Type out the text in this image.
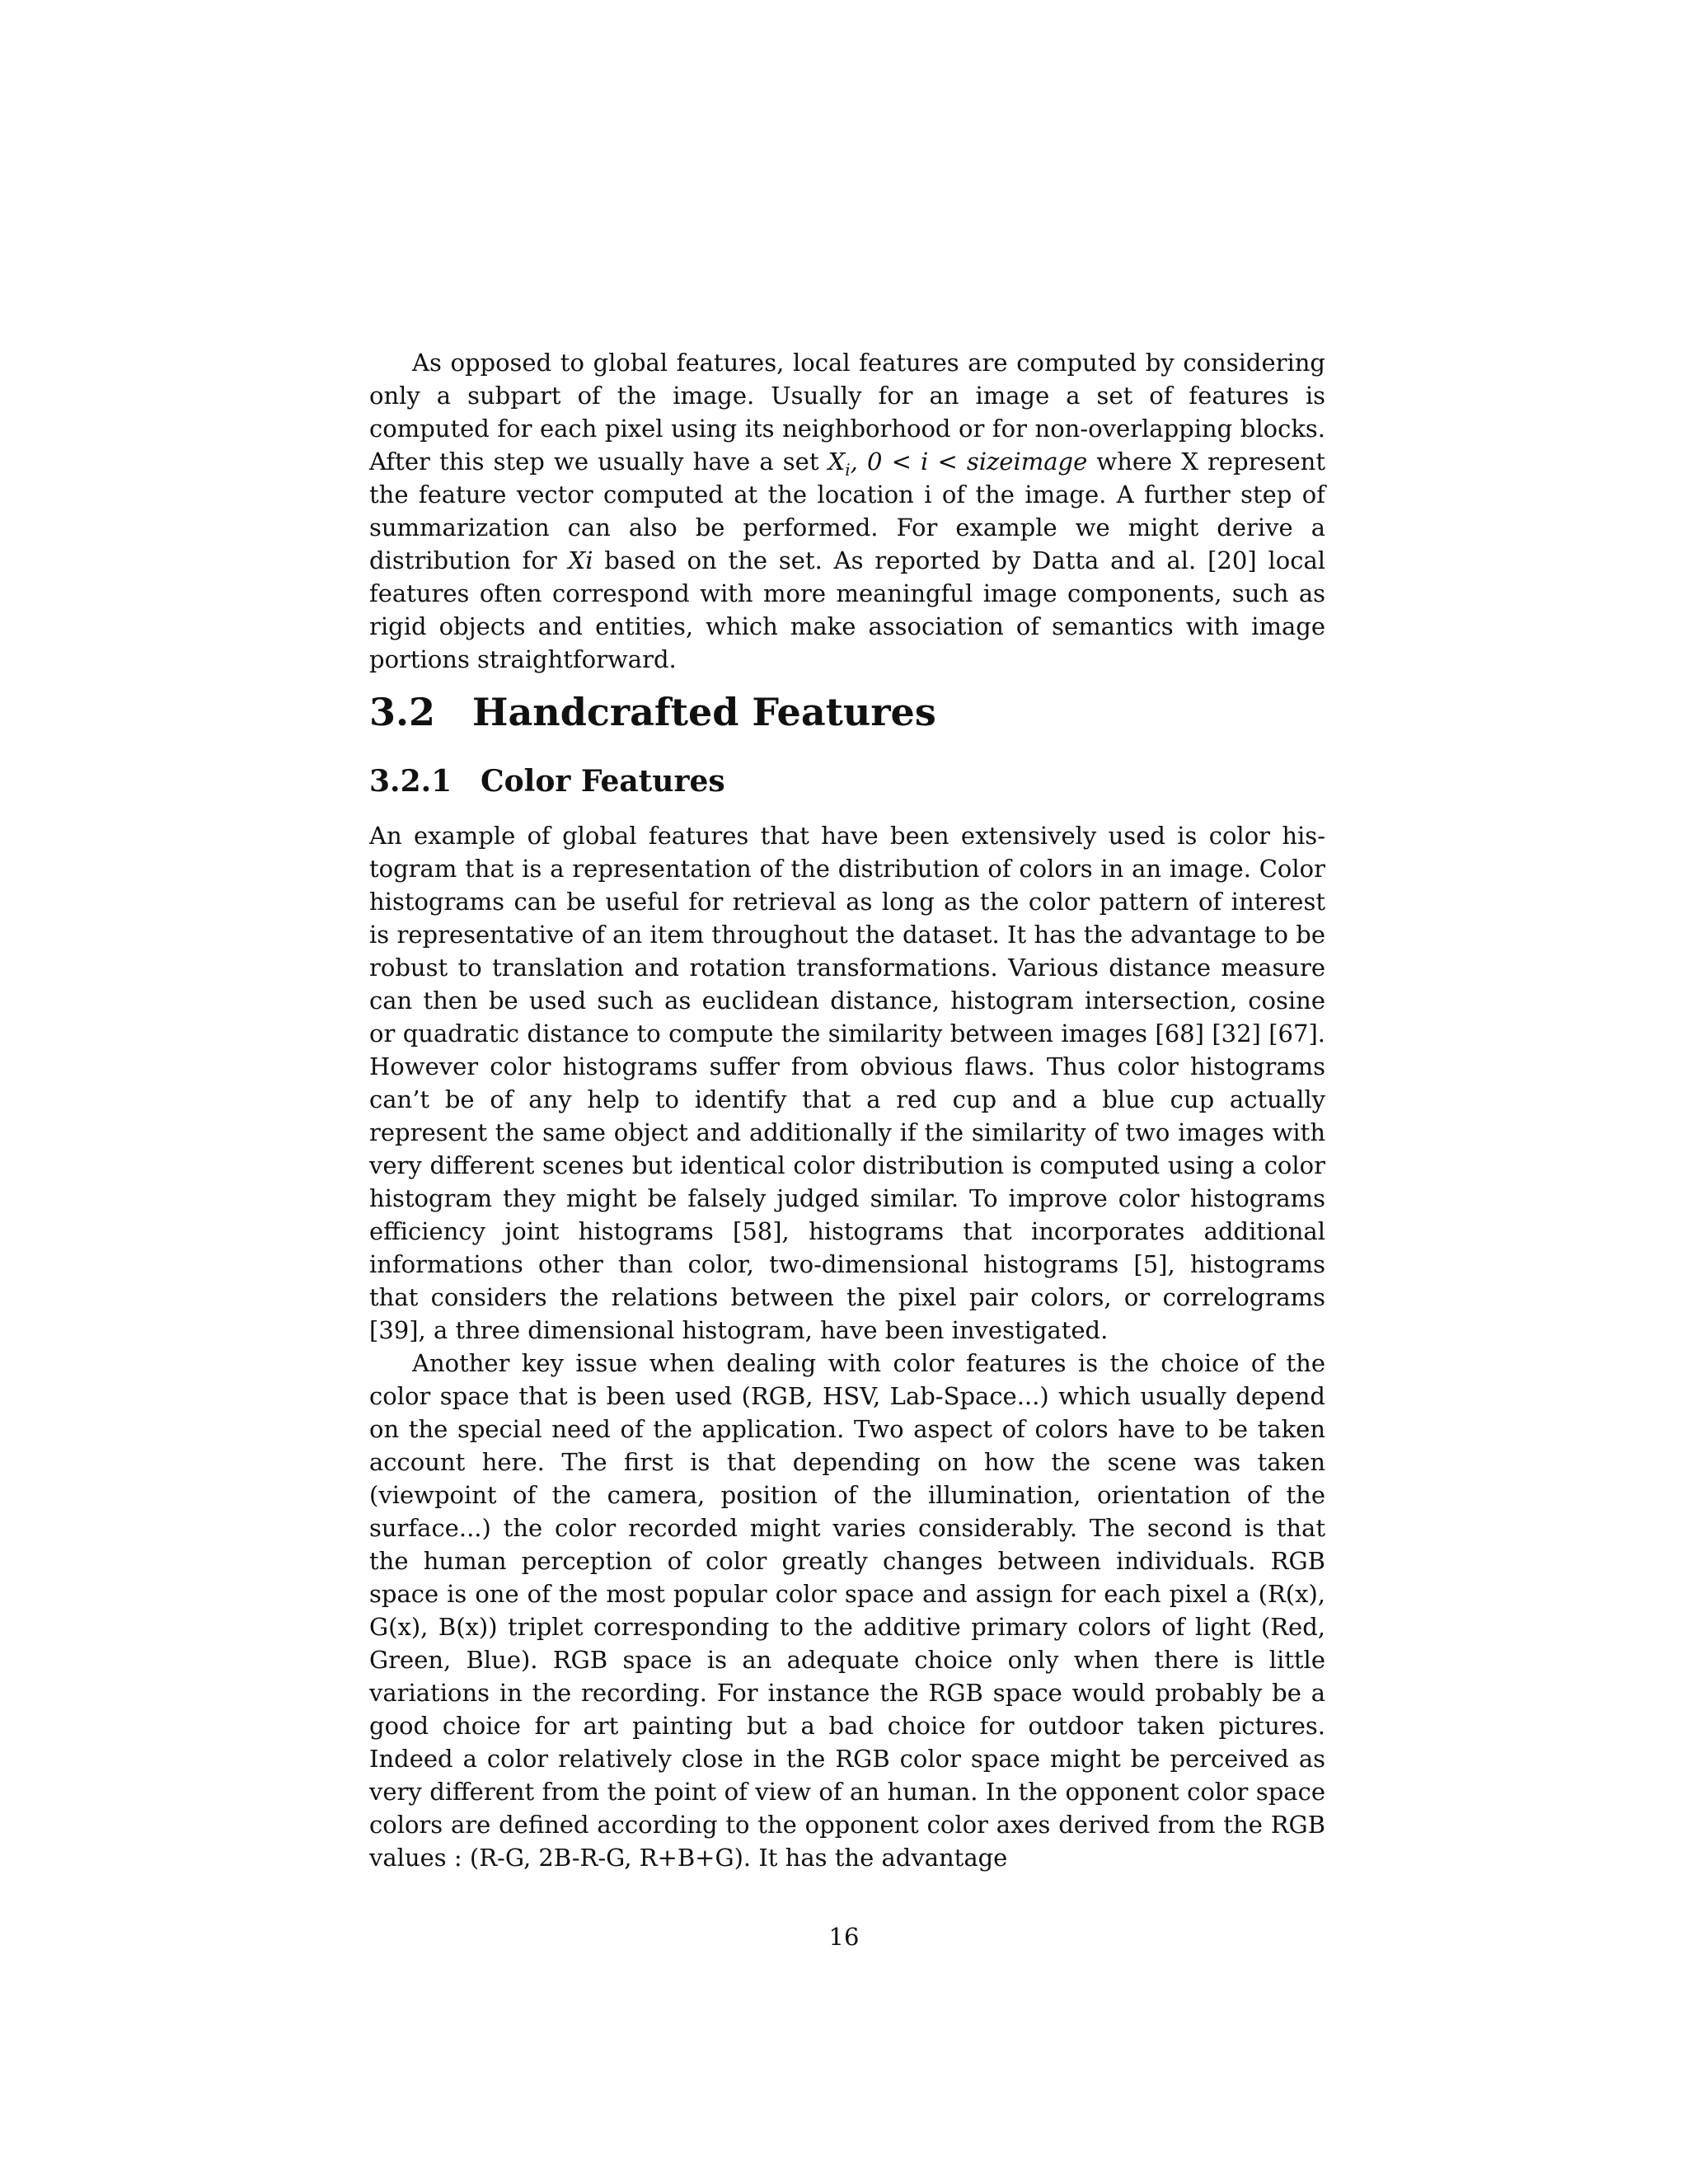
As opposed to global features, local features are computed by considering only a subpart of the image. Usually for an image a set of features is computed for each pixel using its neighborhood or for non-overlapping blocks. After this step we usually have a set $X_i$, 0 < i < sizeimage where X represent the feature vector computed at the location i of the image. A further step of summarization can also be performed. For example we might derive a distribution for Xi based on the set. As reported by Datta and al. [20] local features often correspond with more meaningful image components, such as rigid objects and entities, which make association of semantics with image portions straightforward.

3.2 Handcrafted Features
3.2.1 Color Features

An example of global features that have been extensively used is color histogram that is a representation of the distribution of colors in an image. Color histograms can be useful for retrieval as long as the color pattern of interest is representative of an item throughout the dataset. It has the advantage to be robust to translation and rotation transformations. Various distance measure can then be used such as euclidean distance, histogram intersection, cosine or quadratic distance to compute the similarity between images [68] [32] [67]. However color histograms suffer from obvious flaws. Thus color histograms can’t be of any help to identify that a red cup and a blue cup actually represent the same object and additionally if the similarity of two images with very different scenes but identical color distribution is computed using a color histogram they might be falsely judged similar. To improve color histograms efficiency joint histograms [58], histograms that incorporates additional informations other than color, two-dimensional histograms [5], histograms that considers the relations between the pixel pair colors, or correlograms [39], a three dimensional histogram, have been investigated.

Another key issue when dealing with color features is the choice of the color space that is been used (RGB, HSV, Lab-Space...) which usually depend on the special need of the application. Two aspect of colors have to be taken account here. The first is that depending on how the scene was taken (viewpoint of the camera, position of the illumination, orientation of the surface...) the color recorded might varies considerably. The second is that the human perception of color greatly changes between individuals. RGB space is one of the most popular color space and assign for each pixel a (R(x), G(x), B(x)) triplet corresponding to the additive primary colors of light (Red, Green, Blue). RGB space is an adequate choice only when there is little variations in the recording. For instance the RGB space would probably be a good choice for art painting but a bad choice for outdoor taken pictures. Indeed a color relatively close in the RGB color space might be perceived as very different from the point of view of an human. In the opponent color space colors are defined according to the opponent color axes derived from the RGB values : (R-G, 2B-R-G, R+B+G). It has the advantage

16
